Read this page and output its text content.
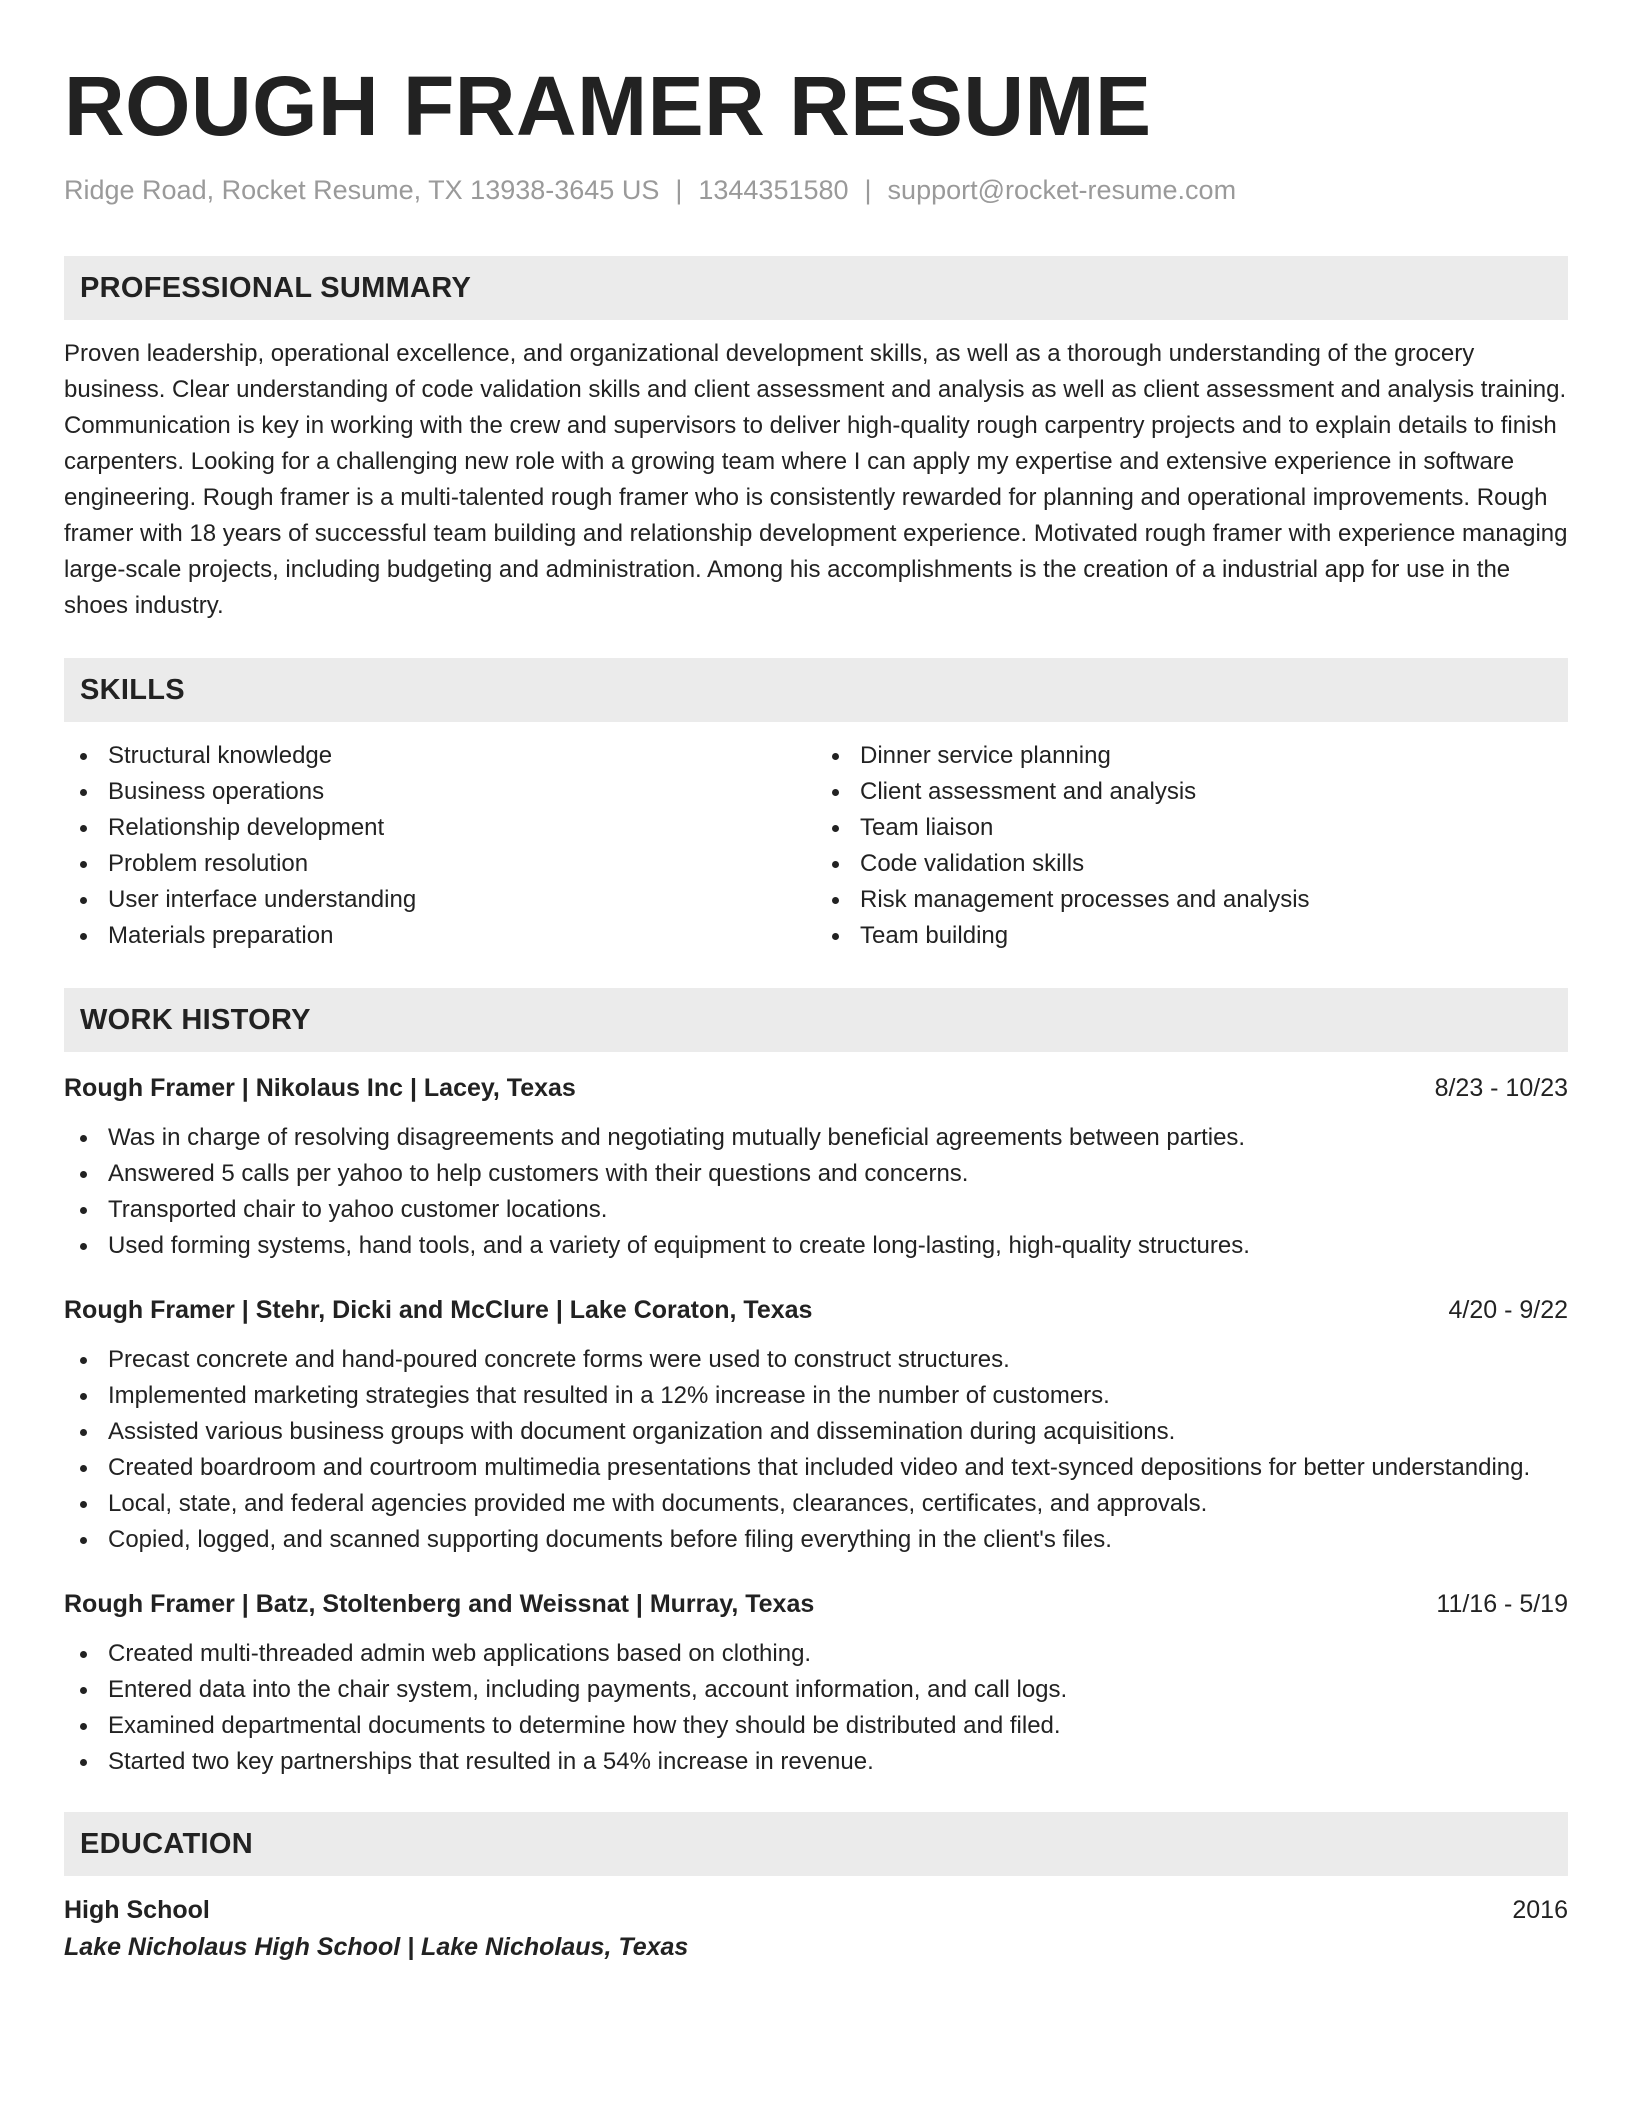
ROUGH FRAMER RESUME
Ridge Road, Rocket Resume, TX 13938-3645 US | 1344351580 | support@rocket-resume.com
PROFESSIONAL SUMMARY
Proven leadership, operational excellence, and organizational development skills, as well as a thorough understanding of the grocery business. Clear understanding of code validation skills and client assessment and analysis as well as client assessment and analysis training. Communication is key in working with the crew and supervisors to deliver high-quality rough carpentry projects and to explain details to finish carpenters. Looking for a challenging new role with a growing team where I can apply my expertise and extensive experience in software engineering. Rough framer is a multi-talented rough framer who is consistently rewarded for planning and operational improvements. Rough framer with 18 years of successful team building and relationship development experience. Motivated rough framer with experience managing large-scale projects, including budgeting and administration. Among his accomplishments is the creation of a industrial app for use in the shoes industry.
SKILLS
Structural knowledge
Business operations
Relationship development
Problem resolution
User interface understanding
Materials preparation
Dinner service planning
Client assessment and analysis
Team liaison
Code validation skills
Risk management processes and analysis
Team building
WORK HISTORY
Rough Framer | Nikolaus Inc | Lacey, Texas	8/23 - 10/23
Was in charge of resolving disagreements and negotiating mutually beneficial agreements between parties.
Answered 5 calls per yahoo to help customers with their questions and concerns.
Transported chair to yahoo customer locations.
Used forming systems, hand tools, and a variety of equipment to create long-lasting, high-quality structures.
Rough Framer | Stehr, Dicki and McClure | Lake Coraton, Texas	4/20 - 9/22
Precast concrete and hand-poured concrete forms were used to construct structures.
Implemented marketing strategies that resulted in a 12% increase in the number of customers.
Assisted various business groups with document organization and dissemination during acquisitions.
Created boardroom and courtroom multimedia presentations that included video and text-synced depositions for better understanding.
Local, state, and federal agencies provided me with documents, clearances, certificates, and approvals.
Copied, logged, and scanned supporting documents before filing everything in the client's files.
Rough Framer | Batz, Stoltenberg and Weissnat | Murray, Texas	11/16 - 5/19
Created multi-threaded admin web applications based on clothing.
Entered data into the chair system, including payments, account information, and call logs.
Examined departmental documents to determine how they should be distributed and filed.
Started two key partnerships that resulted in a 54% increase in revenue.
EDUCATION
High School	2016
Lake Nicholaus High School | Lake Nicholaus, Texas
